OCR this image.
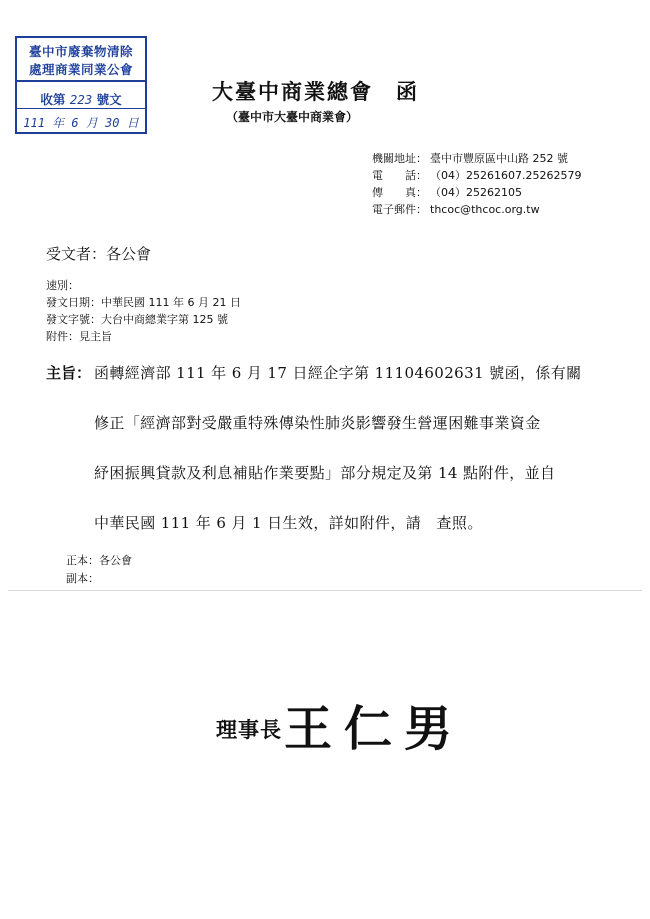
臺中市廢棄物清除
處理商業同業公會
收第 223 號文
111 年 6 月 30 日
大臺中商業總會　函
（臺中市大臺中商業會）
機關地址： 臺中市豐原區中山路 252 號
電　　話： （04）25261607.25262579
傳　　真： （04）25262105
電子郵件： thcoc@thcoc.org.tw
受文者：各公會
速別：
發文日期：中華民國 111 年 6 月 21 日
發文字號：大台中商總業字第 125 號
附件：見主旨
主旨： 函轉經濟部 111 年 6 月 17 日經企字第 11104602631 號函，係有關
修正「經濟部對受嚴重特殊傳染性肺炎影響發生營運困難事業資金
紓困振興貸款及利息補貼作業要點」部分規定及第 14 點附件，並自
中華民國 111 年 6 月 1 日生效，詳如附件，請　查照。
正本：各公會
副本：
理事長 王仁男
